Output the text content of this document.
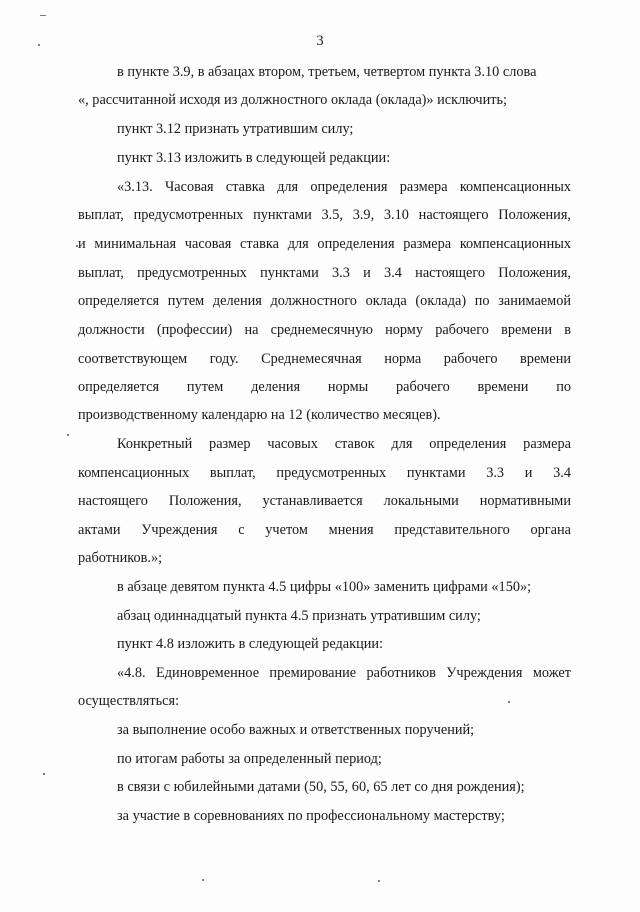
3
в пункте 3.9, в абзацах втором, третьем, четвертом пункта 3.10 слова
«, рассчитанной исходя из должностного оклада (оклада)» исключить;
пункт 3.12 признать утратившим силу;
пункт 3.13 изложить в следующей редакции:
«3.13. Часовая ставка для определения размера компенсационных
выплат, предусмотренных пунктами 3.5, 3.9, 3.10 настоящего Положения,
и минимальная часовая ставка для определения размера компенсационных
выплат, предусмотренных пунктами 3.3 и 3.4 настоящего Положения,
определяется путем деления должностного оклада (оклада) по занимаемой
должности (профессии) на среднемесячную норму рабочего времени в
соответствующем году. Среднемесячная норма рабочего времени
определяется путем деления нормы рабочего времени по
производственному календарю на 12 (количество месяцев).
Конкретный размер часовых ставок для определения размера
компенсационных выплат, предусмотренных пунктами 3.3 и 3.4
настоящего Положения, устанавливается локальными нормативными
актами Учреждения с учетом мнения представительного органа
работников.»;
в абзаце девятом пункта 4.5 цифры «100» заменить цифрами «150»;
абзац одиннадцатый пункта 4.5 признать утратившим силу;
пункт 4.8 изложить в следующей редакции:
«4.8. Единовременное премирование работников Учреждения может
осуществляться:
за выполнение особо важных и ответственных поручений;
по итогам работы за определенный период;
в связи с юбилейными датами (50, 55, 60, 65 лет со дня рождения);
за участие в соревнованиях по профессиональному мастерству;
